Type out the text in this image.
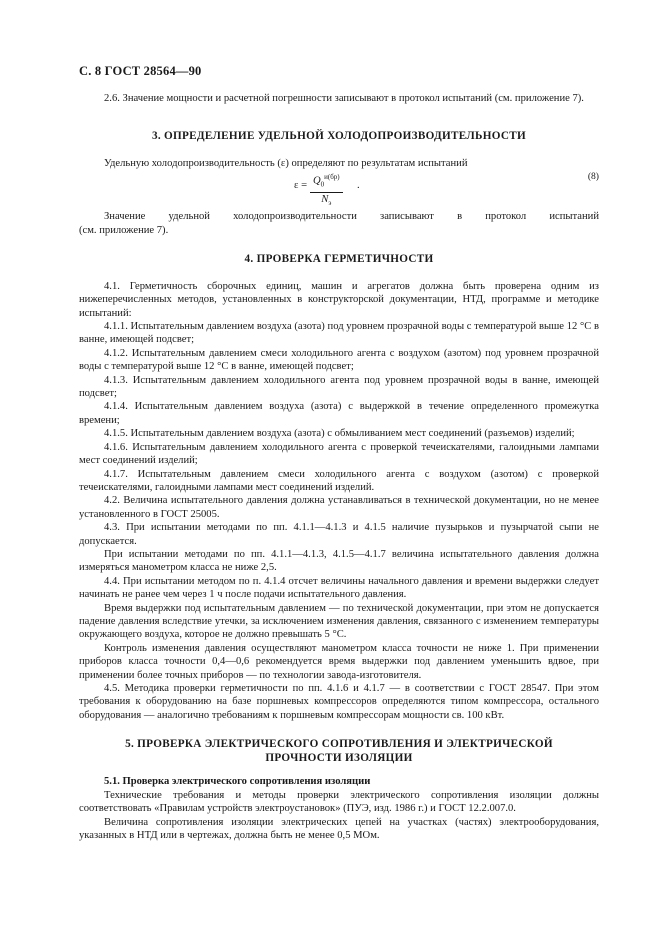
С. 8 ГОСТ 28564—90

2.6. Значение мощности и расчетной погрешности записывают в протокол испытаний (см. приложение 7).

3. ОПРЕДЕЛЕНИЕ УДЕЛЬНОЙ ХОЛОДОПРОИЗВОДИТЕЛЬНОСТИ

Удельную холодопроизводительность (ε) определяют по результатам испытаний

$\varepsilon = Q_0^{и(бр)}$
$N_э$
.
(8)

Значение удельной холодопроизводительности записывают в протокол испытаний

(см. приложение 7).

4. ПРОВЕРКА ГЕРМЕТИЧНОСТИ

4.1. Герметичность сборочных единиц, машин и агрегатов должна быть проверена одним из нижеперечисленных методов, установленных в конструкторской документации, НТД, программе и методике испытаний:

4.1.1. Испытательным давлением воздуха (азота) под уровнем прозрачной воды с температурой выше 12 °С в ванне, имеющей подсвет;

4.1.2. Испытательным давлением смеси холодильного агента с воздухом (азотом) под уровнем прозрачной воды с температурой выше 12 °С в ванне, имеющей подсвет;

4.1.3. Испытательным давлением холодильного агента под уровнем прозрачной воды в ванне, имеющей подсвет;

4.1.4. Испытательным давлением воздуха (азота) с выдержкой в течение определенного промежутка времени;

4.1.5. Испытательным давлением воздуха (азота) с обмыливанием мест соединений (разъемов) изделий;

4.1.6. Испытательным давлением холодильного агента с проверкой течеискателями, галоидными лампами мест соединений изделий;

4.1.7. Испытательным давлением смеси холодильного агента с воздухом (азотом) с проверкой течеискателями, галоидными лампами мест соединений изделий.

4.2. Величина испытательного давления должна устанавливаться в технической документации, но не менее установленного в ГОСТ 25005.

4.3. При испытании методами по пп. 4.1.1—4.1.3 и 4.1.5 наличие пузырьков и пузырчатой сыпи не допускается.

При испытании методами по пп. 4.1.1—4.1.3, 4.1.5—4.1.7 величина испытательного давления должна измеряться манометром класса не ниже 2,5.

4.4. При испытании методом по п. 4.1.4 отсчет величины начального давления и времени выдержки следует начинать не ранее чем через 1 ч после подачи испытательного давления.

Время выдержки под испытательным давлением — по технической документации, при этом не допускается падение давления вследствие утечки, за исключением изменения давления, связанного с изменением температуры окружающего воздуха, которое не должно превышать 5 °С.

Контроль изменения давления осуществляют манометром класса точности не ниже 1. При применении приборов класса точности 0,4—0,6 рекомендуется время выдержки под давлением уменьшить вдвое, при применении более точных приборов — по технологии завода-изготовителя.

4.5. Методика проверки герметичности по пп. 4.1.6 и 4.1.7 — в соответствии с ГОСТ 28547. При этом требования к оборудованию на базе поршневых компрессоров определяются типом компрессора, остального оборудования — аналогично требованиям к поршневым компрессорам мощности св. 100 кВт.

5. ПРОВЕРКА ЭЛЕКТРИЧЕСКОГО СОПРОТИВЛЕНИЯ И ЭЛЕКТРИЧЕСКОЙ
ПРОЧНОСТИ ИЗОЛЯЦИИ
5.1. Проверка электрического сопротивления изоляции

Технические требования и методы проверки электрического сопротивления изоляции должны соответствовать «Правилам устройств электроустановок» (ПУЭ, изд. 1986 г.) и ГОСТ 12.2.007.0.

Величина сопротивления изоляции электрических цепей на участках (частях) электрооборудования, указанных в НТД или в чертежах, должна быть не менее 0,5 МОм.
